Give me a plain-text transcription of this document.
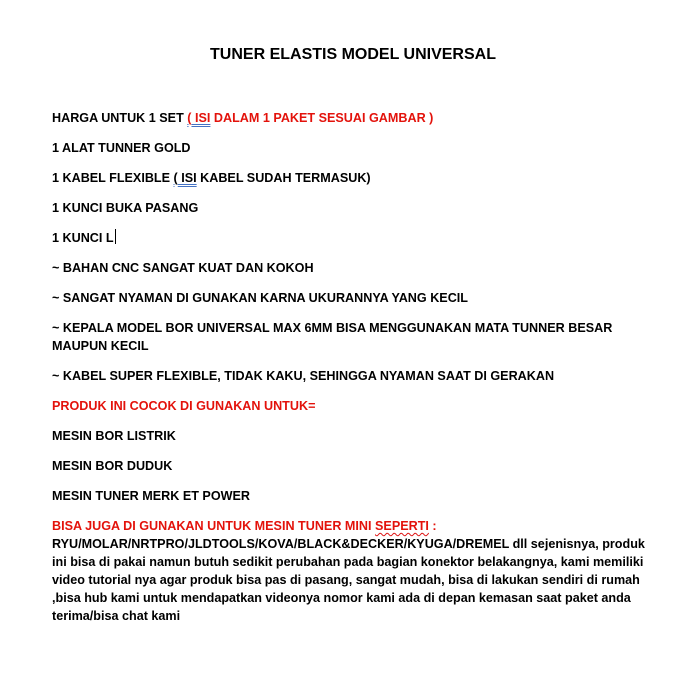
TUNER ELASTIS MODEL UNIVERSAL

HARGA UNTUK 1 SET ( ISI DALAM 1 PAKET SESUAI GAMBAR )

1 ALAT TUNNER GOLD

1 KABEL FLEXIBLE ( ISI KABEL SUDAH TERMASUK)

1 KUNCI BUKA PASANG

1 KUNCI L

~ BAHAN CNC SANGAT KUAT DAN KOKOH

~ SANGAT NYAMAN DI GUNAKAN KARNA UKURANNYA YANG KECIL

~ KEPALA MODEL BOR UNIVERSAL MAX 6MM BISA MENGGUNAKAN MATA TUNNER BESAR MAUPUN KECIL

~ KABEL SUPER FLEXIBLE, TIDAK KAKU, SEHINGGA NYAMAN SAAT DI GERAKAN

PRODUK INI COCOK DI GUNAKAN UNTUK=

MESIN BOR LISTRIK

MESIN BOR DUDUK

MESIN TUNER MERK ET POWER

BISA JUGA DI GUNAKAN UNTUK MESIN TUNER MINI SEPERTI :

RYU/MOLAR/NRTPRO/JLDTOOLS/KOVA/BLACK&DECKER/KYUGA/DREMEL dll sejenisnya, produk ini bisa di pakai namun butuh sedikit perubahan pada bagian konektor belakangnya, kami memiliki video tutorial nya agar produk bisa pas di pasang, sangat mudah, bisa di lakukan sendiri di rumah ,bisa hub kami untuk mendapatkan videonya nomor kami ada di depan kemasan saat paket anda terima/bisa chat kami
